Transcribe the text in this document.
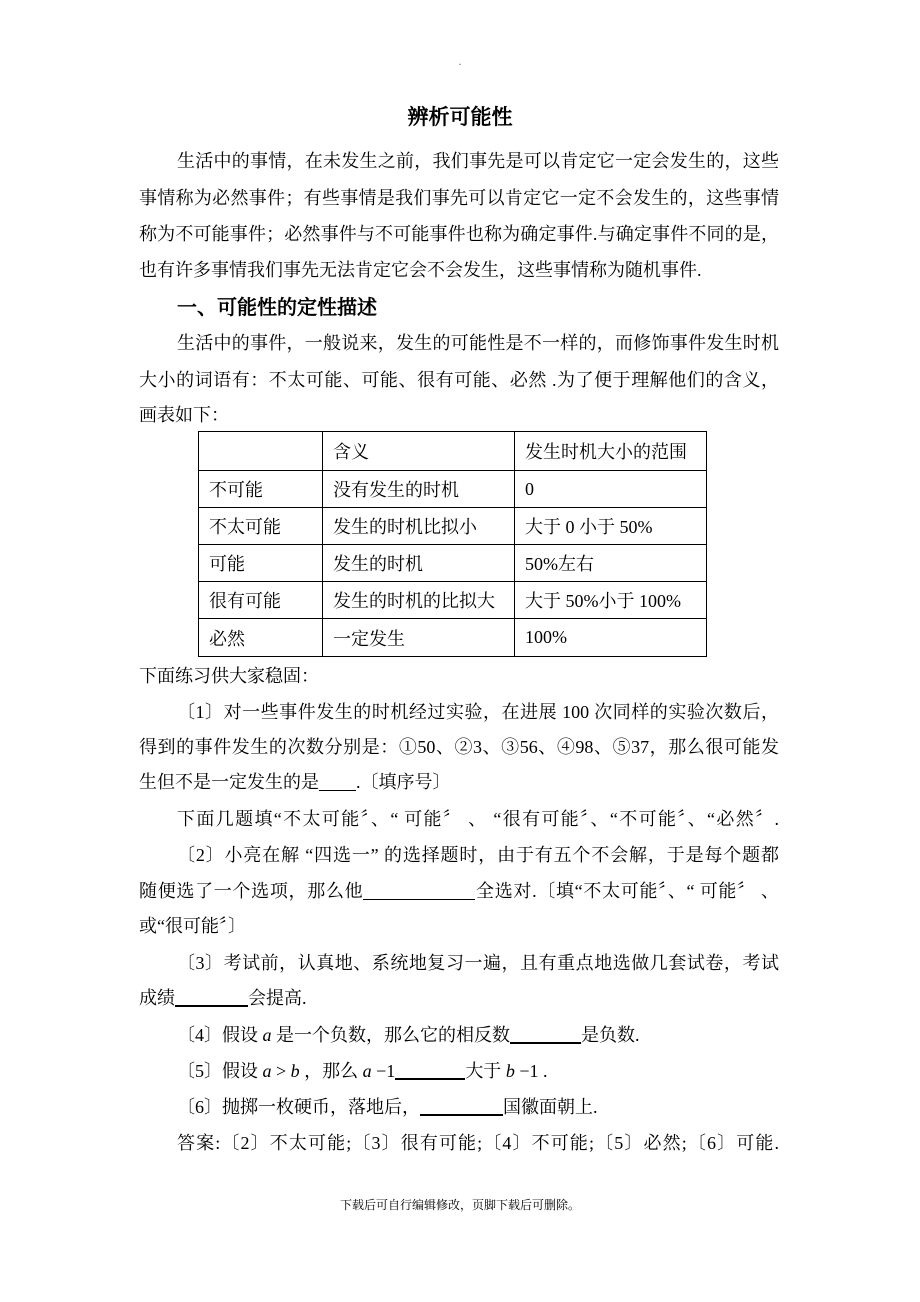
.
辨析可能性
生活中的事情，在未发生之前，我们事先是可以肯定它一定会发生的，这些
事情称为必然事件；有些事情是我们事先可以肯定它一定不会发生的，这些事情
称为不可能事件；必然事件与不可能事件也称为确定事件.与确定事件不同的是，
也有许多事情我们事先无法肯定它会不会发生，这些事情称为随机事件.
一、可能性的定性描述
生活中的事件，一般说来，发生的可能性是不一样的，而修饰事件发生时机
大小的词语有：不太可能、可能、很有可能、必然 .为了便于理解他们的含义，
画表如下：
	含义	发生时机大小的范围
不可能	没有发生的时机	0
不太可能	发生的时机比拟小	大于 0 小于 50%
可能	发生的时机	50%左右
很有可能	发生的时机的比拟大	大于 50%小于 100%
必然	一定发生	100%
下面练习供大家稳固：
〔1〕对一些事件发生的时机经过实验，在进展 100 次同样的实验次数后，
得到的事件发生的次数分别是：①50、②3、③56、④98、⑤37，那么很可能发
生但不是一定发生的是 .〔填序号〕
下面几题填“不太可能〞、“ 可能〞 、 “很有可能〞、“不可能〞、“必然〞.
〔2〕小亮在解 “四选一” 的选择题时，由于有五个不会解，于是每个题都
随便选了一个选项，那么他	全选对.〔填“不太可能〞、“ 可能〞 、
或“很可能〞〕
〔3〕考试前，认真地、系统地复习一遍，且有重点地选做几套试卷，考试
成绩	会提高.
〔4〕假设 a 是一个负数，那么它的相反数	是负数.
〔5〕假设 a > b ，那么 a −1	大于 b −1 .
〔6〕抛掷一枚硬币，落地后，	国徽面朝上.
答案:〔2〕不太可能;〔3〕很有可能;〔4〕不可能;〔5〕必然;〔6〕可能.
下载后可自行编辑修改，页脚下载后可删除。
